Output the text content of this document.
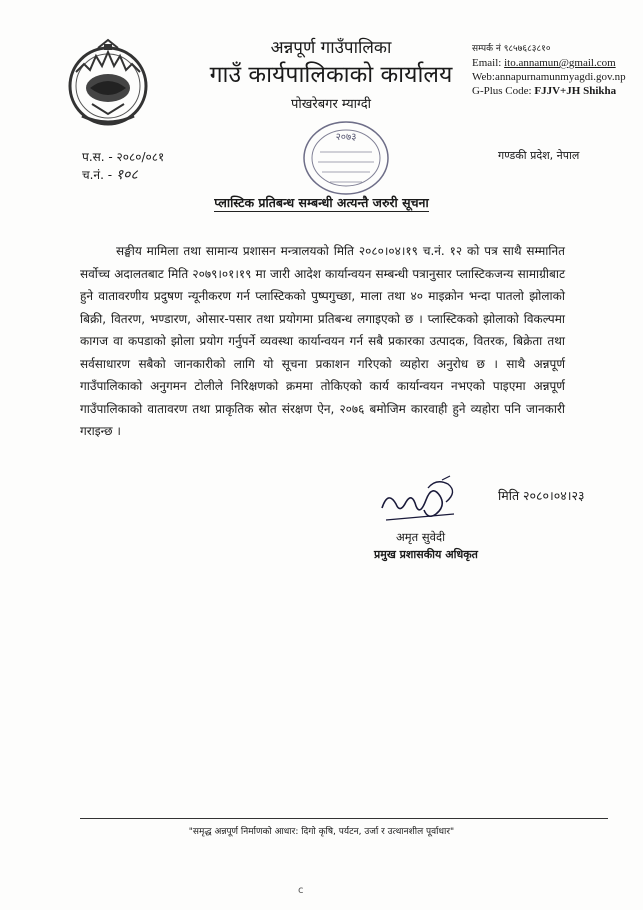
अन्नपूर्ण गाउँपालिका
गाउँ कार्यपालिकाको कार्यालय
पोखरेबगर म्याग्दी
सम्पर्क नं ९८५७६८३८१०
Email: ito.annamun@gmail.com
Web:annapurnamunmyagdi.gov.np
G-Plus Code: FJJV+JH Shikha
२०७३
प.स. - २०८०/०८१
च.नं. - १०८
गण्डकी प्रदेश, नेपाल
प्लास्टिक प्रतिबन्ध सम्बन्धी अत्यन्तै जरुरी सूचना
सङ्घीय मामिला तथा सामान्य प्रशासन मन्त्रालयको मिति २०८०।०४।१९ च.नं. १२ को पत्र साथै सम्मानित सर्वोच्च अदालतबाट मिति २०७९।०१।१९ मा जारी आदेश कार्यान्वयन सम्बन्धी पत्रानुसार प्लास्टिकजन्य सामाग्रीबाट हुने वातावरणीय प्रदुषण न्यूनीकरण गर्न प्लास्टिकको पुष्पगुच्छा, माला तथा ४० माइक्रोन भन्दा पातलो झोलाको बिक्री, वितरण, भण्डारण, ओसार-पसार तथा प्रयोगमा प्रतिबन्ध लगाइएको छ । प्लास्टिकको झोलाको विकल्पमा कागज वा कपडाको झोला प्रयोग गर्नुपर्ने व्यवस्था कार्यान्वयन गर्न सबै प्रकारका उत्पादक, वितरक, बिक्रेता तथा सर्वसाधारण सबैको जानकारीको लागि यो सूचना प्रकाशन गरिएको व्यहोरा अनुरोध छ । साथै अन्नपूर्ण गाउँपालिकाको अनुगमन टोलीले निरिक्षणको क्रममा तोकिएको कार्य कार्यान्वयन नभएको पाइएमा अन्नपूर्ण गाउँपालिकाको वातावरण तथा प्राकृतिक स्रोत संरक्षण ऐन, २०७६ बमोजिम कारवाही हुने व्यहोरा पनि जानकारी गराइन्छ ।
मिति २०८०।०४।२३
अमृत सुवेदी
प्रमुख प्रशासकीय अधिकृत
"समृद्ध अन्नपूर्ण निर्माणको आधार: दिगो कृषि, पर्यटन, उर्जा र उत्थानशील पूर्वाधार"
c
